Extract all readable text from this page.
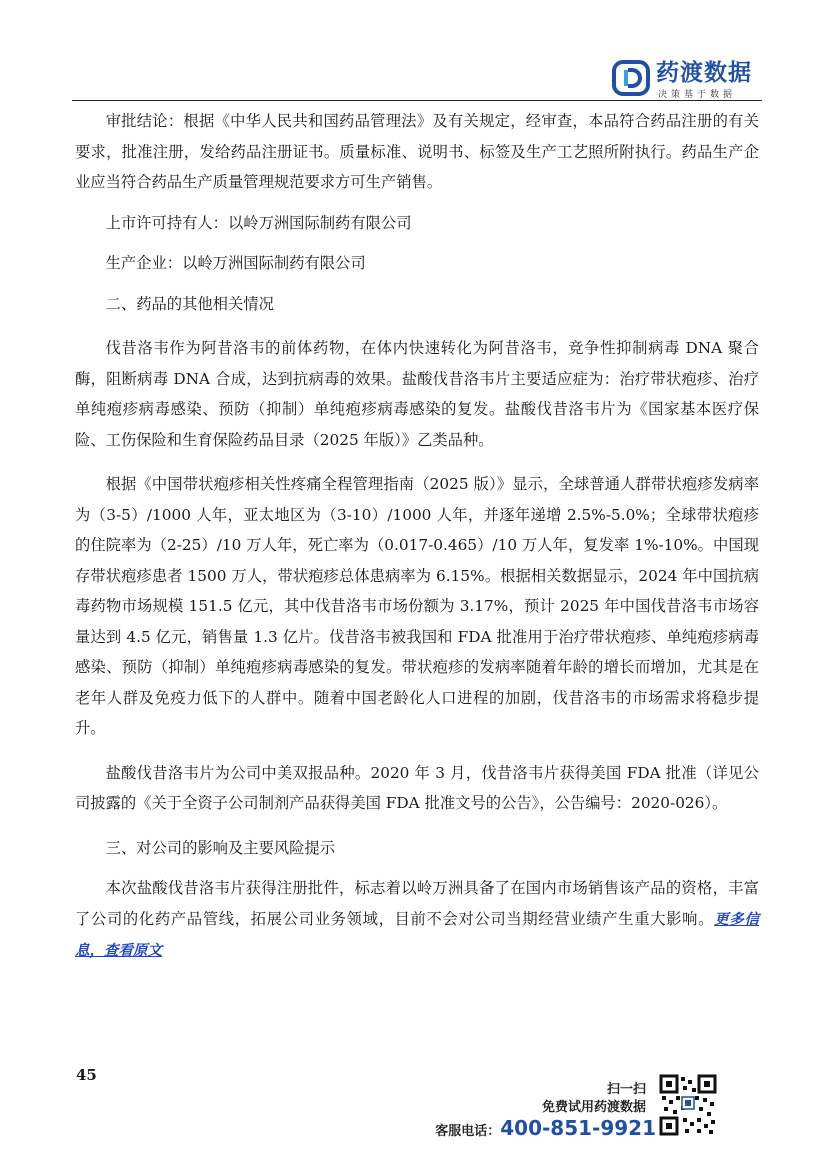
药渡数据
决策基于数据

审批结论：根据《中华人民共和国药品管理法》及有关规定，经审查，本品符合药品注册的有关要求，批准注册，发给药品注册证书。质量标准、说明书、标签及生产工艺照所附执行。药品生产企业应当符合药品生产质量管理规范要求方可生产销售。

上市许可持有人：以岭万洲国际制药有限公司

生产企业：以岭万洲国际制药有限公司

二、药品的其他相关情况

伐昔洛韦作为阿昔洛韦的前体药物，在体内快速转化为阿昔洛韦，竞争性抑制病毒 DNA 聚合酶，阻断病毒 DNA 合成，达到抗病毒的效果。盐酸伐昔洛韦片主要适应症为：治疗带状疱疹、治疗单纯疱疹病毒感染、预防（抑制）单纯疱疹病毒感染的复发。盐酸伐昔洛韦片为《国家基本医疗保险、工伤保险和生育保险药品目录（2025 年版）》乙类品种。

根据《中国带状疱疹相关性疼痛全程管理指南（2025 版）》显示，全球普通人群带状疱疹发病率为（3-5）/1000 人年，亚太地区为（3-10）/1000 人年，并逐年递增 2.5%-5.0%；全球带状疱疹的住院率为（2-25）/10 万人年，死亡率为（0.017-0.465）/10 万人年，复发率 1%-10%。中国现存带状疱疹患者 1500 万人，带状疱疹总体患病率为 6.15%。根据相关数据显示，2024 年中国抗病毒药物市场规模 151.5 亿元，其中伐昔洛韦市场份额为 3.17%，预计 2025 年中国伐昔洛韦市场容量达到 4.5 亿元，销售量 1.3 亿片。伐昔洛韦被我国和 FDA 批准用于治疗带状疱疹、单纯疱疹病毒感染、预防（抑制）单纯疱疹病毒感染的复发。带状疱疹的发病率随着年龄的增长而增加，尤其是在老年人群及免疫力低下的人群中。随着中国老龄化人口进程的加剧，伐昔洛韦的市场需求将稳步提升。

盐酸伐昔洛韦片为公司中美双报品种。2020 年 3 月，伐昔洛韦片获得美国 FDA 批准（详见公司披露的《关于全资子公司制剂产品获得美国 FDA 批准文号的公告》，公告编号：2020-026）。

三、对公司的影响及主要风险提示

本次盐酸伐昔洛韦片获得注册批件，标志着以岭万洲具备了在国内市场销售该产品的资格，丰富了公司的化药产品管线，拓展公司业务领域，目前不会对公司当期经营业绩产生重大影响。更多信息，查看原文

45
扫一扫
免费试用药渡数据
客服电话：400-851-9921
